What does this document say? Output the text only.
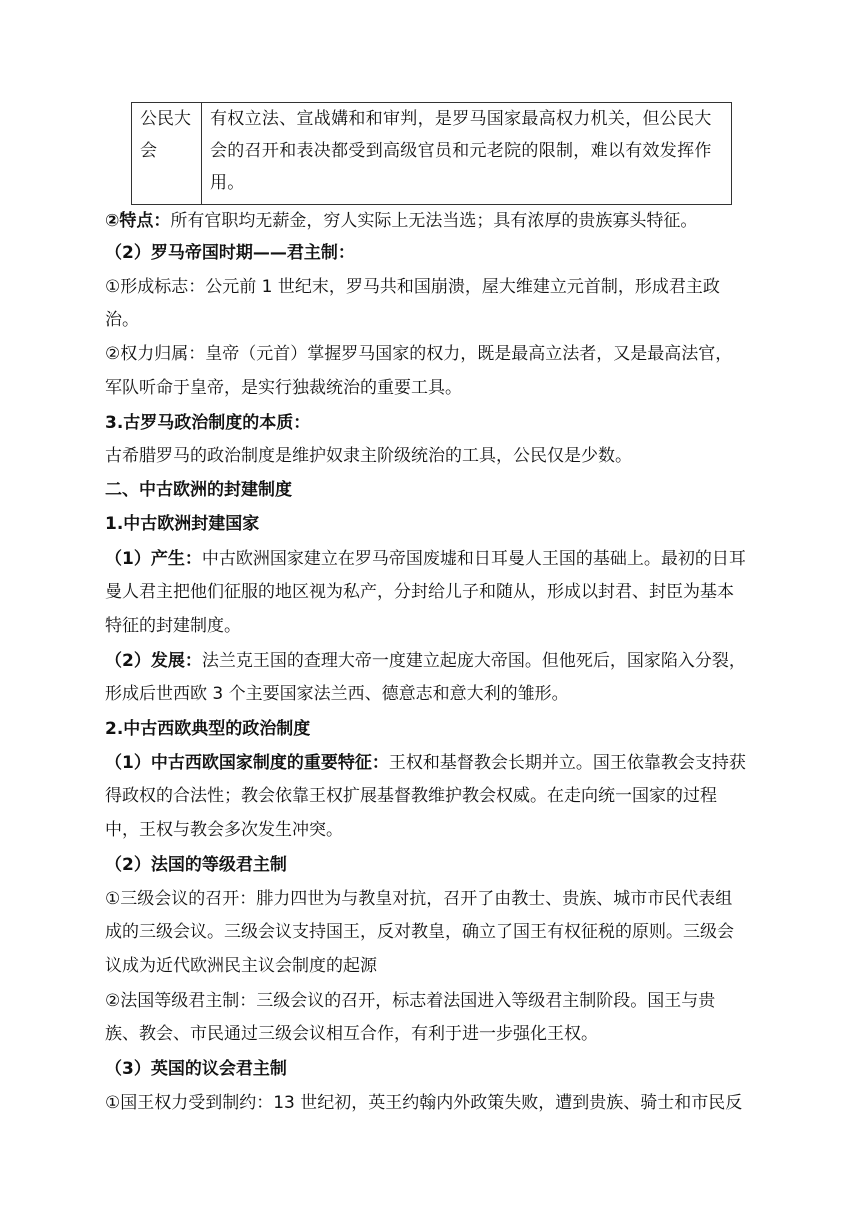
公民大会
有权立法、宣战媾和和审判，是罗马国家最高权力机关，但公民大会的召开和表决都受到高级官员和元老院的限制，难以有效发挥作用。
②特点：所有官职均无薪金，穷人实际上无法当选；具有浓厚的贵族寡头特征。
（2）罗马帝国时期——君主制：
①形成标志：公元前 1 世纪末，罗马共和国崩溃，屋大维建立元首制，形成君主政
治。
②权力归属：皇帝（元首）掌握罗马国家的权力，既是最高立法者，又是最高法官，
军队听命于皇帝，是实行独裁统治的重要工具。
3.古罗马政治制度的本质：
古希腊罗马的政治制度是维护奴隶主阶级统治的工具，公民仅是少数。
二、中古欧洲的封建制度
1.中古欧洲封建国家
（1）产生：中古欧洲国家建立在罗马帝国废墟和日耳曼人王国的基础上。最初的日耳
曼人君主把他们征服的地区视为私产，分封给儿子和随从，形成以封君、封臣为基本
特征的封建制度。
（2）发展：法兰克王国的查理大帝一度建立起庞大帝国。但他死后，国家陷入分裂，
形成后世西欧 3 个主要国家法兰西、德意志和意大利的雏形。
2.中古西欧典型的政治制度
（1）中古西欧国家制度的重要特征：王权和基督教会长期并立。国王依靠教会支持获
得政权的合法性；教会依靠王权扩展基督教维护教会权威。在走向统一国家的过程
中，王权与教会多次发生冲突。
（2）法国的等级君主制
①三级会议的召开：腓力四世为与教皇对抗，召开了由教士、贵族、城市市民代表组
成的三级会议。三级会议支持国王，反对教皇，确立了国王有权征税的原则。三级会
议成为近代欧洲民主议会制度的起源
②法国等级君主制：三级会议的召开，标志着法国进入等级君主制阶段。国王与贵
族、教会、市民通过三级会议相互合作，有利于进一步强化王权。
（3）英国的议会君主制
①国王权力受到制约：13 世纪初，英王约翰内外政策失败，遭到贵族、骑士和市民反
